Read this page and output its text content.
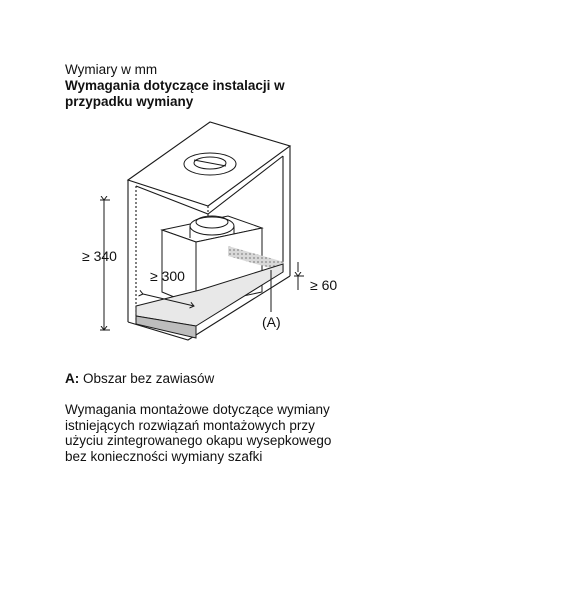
Wymiary w mm
Wymagania dotyczące instalacji w
przypadku wymiany
≥ 340
≥ 300
≥ 60
(A)
A: Obszar bez zawiasów
Wymagania montażowe dotyczące wymiany
istniejących rozwiązań montażowych przy
użyciu zintegrowanego okapu wysepkowego
bez konieczności wymiany szafki
